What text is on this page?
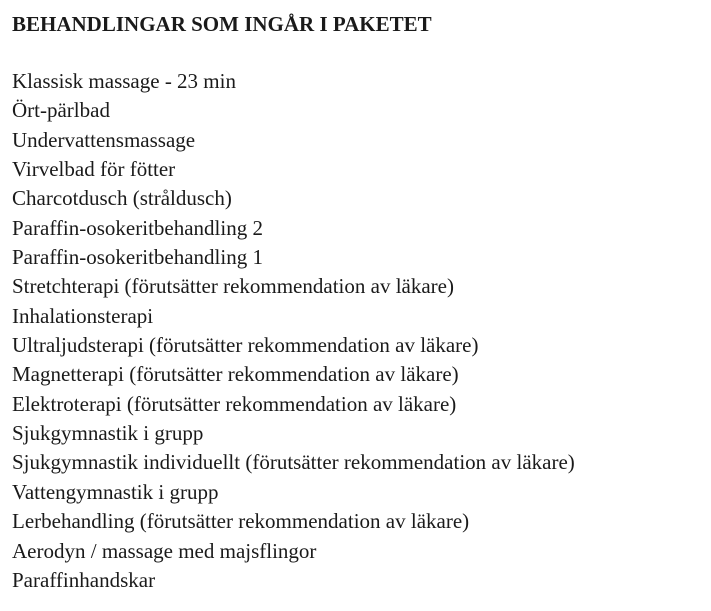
BEHANDLINGAR SOM INGÅR I PAKETET
Klassisk massage - 23 min
Ört-pärlbad
Undervattensmassage
Virvelbad för fötter
Charcotdusch (stråldusch)
Paraffin-osokeritbehandling 2
Paraffin-osokeritbehandling 1
Stretchterapi (förutsätter rekommendation av läkare)
Inhalationsterapi
Ultraljudsterapi (förutsätter rekommendation av läkare)
Magnetterapi (förutsätter rekommendation av läkare)
Elektroterapi (förutsätter rekommendation av läkare)
Sjukgymnastik i grupp
Sjukgymnastik individuellt (förutsätter rekommendation av läkare)
Vattengymnastik i grupp
Lerbehandling (förutsätter rekommendation av läkare)
Aerodyn / massage med majsflingor
Paraffinhandskar
